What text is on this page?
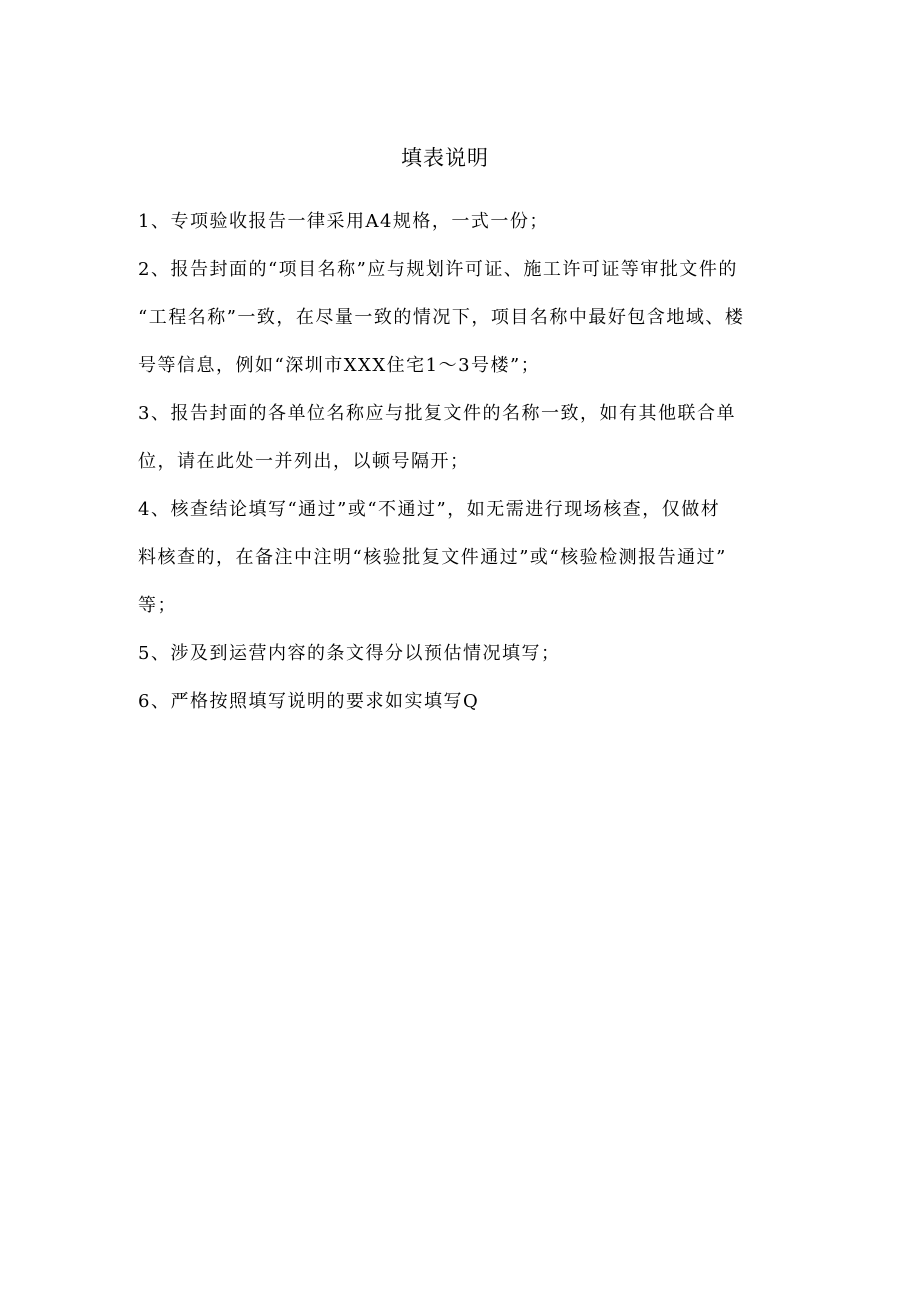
填表说明
1、专项验收报告一律采用A4规格，一式一份；
2、报告封面的“项目名称”应与规划许可证、施工许可证等审批文件的
“工程名称”一致，在尽量一致的情况下，项目名称中最好包含地域、楼
号等信息，例如“深圳市XXX住宅1～3号楼”；
3、报告封面的各单位名称应与批复文件的名称一致，如有其他联合单
位，请在此处一并列出，以顿号隔开；
4、核查结论填写“通过”或“不通过”，如无需进行现场核查，仅做材
料核查的，在备注中注明“核验批复文件通过”或“核验检测报告通过”
等；
5、涉及到运营内容的条文得分以预估情况填写；
6、严格按照填写说明的要求如实填写Q
